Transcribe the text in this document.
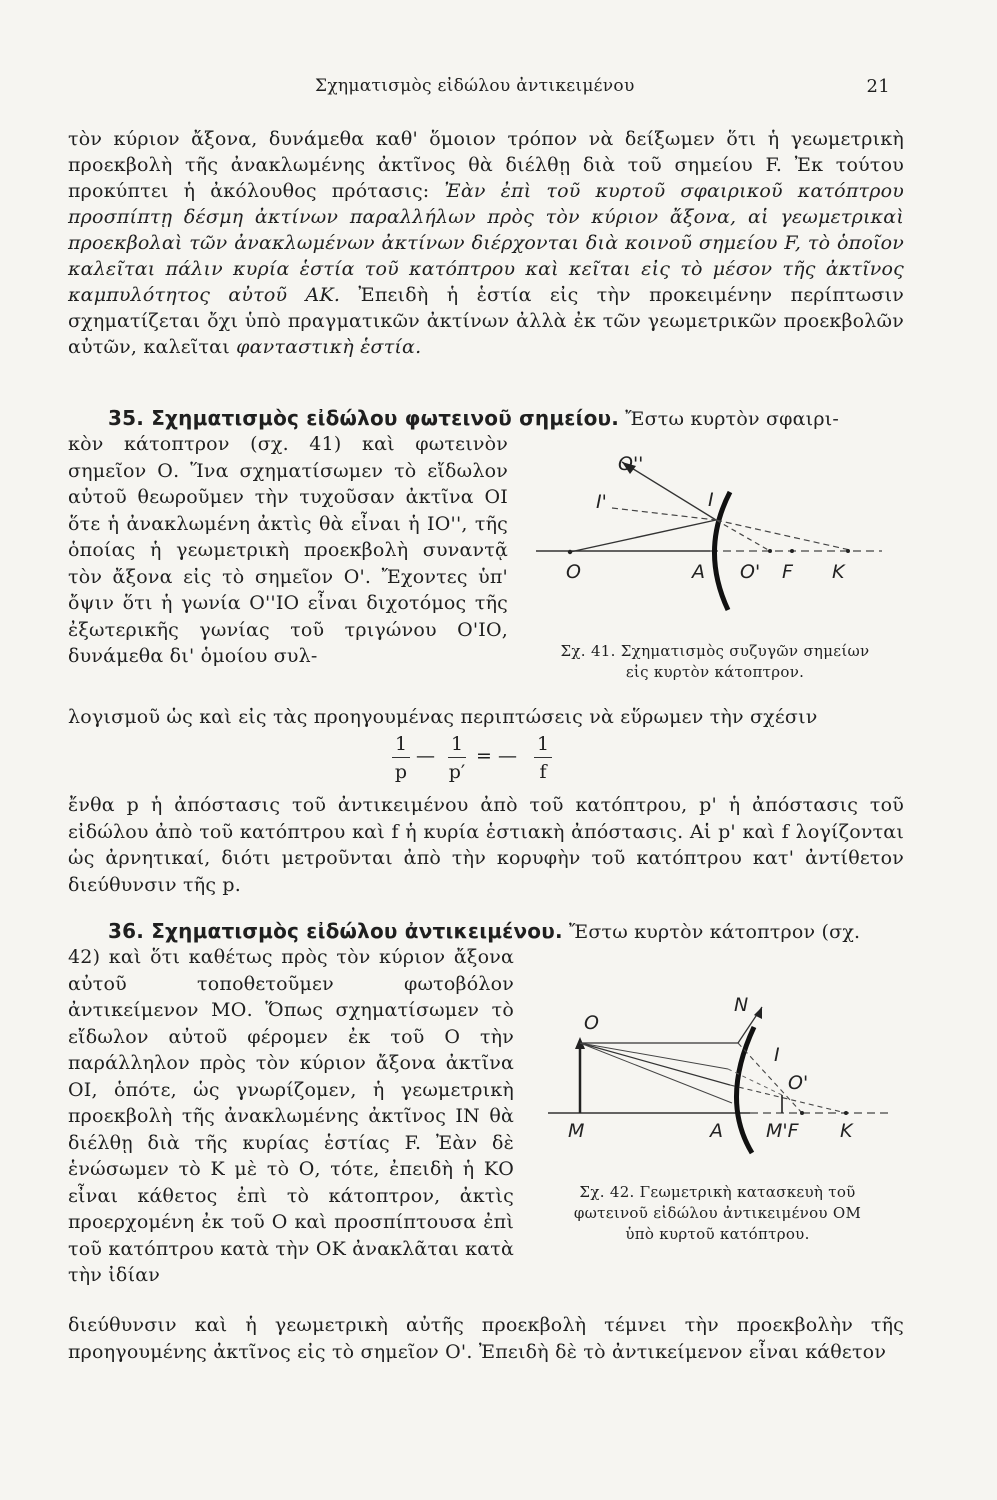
Σχηματισμὸς εἰδώλου ἀντικειμένου	21
τὸν κύριον ἄξονα, δυνάμεθα καθ' ὅμοιον τρόπον νὰ δείξωμεν ὅτι ἡ γεωμετρικὴ προεκβολὴ τῆς ἀνακλωμένης ἀκτῖνος θὰ διέλθῃ διὰ τοῦ σημείου F. Ἐκ τούτου προκύπτει ἡ ἀκόλουθος πρότασις: Ἐὰν ἐπὶ τοῦ κυρτοῦ σφαιρικοῦ κατόπτρου προσπίπτῃ δέσμη ἀκτίνων παραλλήλων πρὸς τὸν κύριον ἄξονα, αἱ γεωμετρικαὶ προεκβολαὶ τῶν ἀνακλωμένων ἀκτίνων διέρχονται διὰ κοινοῦ σημείου F, τὸ ὁποῖον καλεῖται πάλιν κυρία ἑστία τοῦ κατόπτρου καὶ κεῖται εἰς τὸ μέσον τῆς ἀκτῖνος καμπυλότητος αὐτοῦ ΑΚ. Ἐπειδὴ ἡ ἑστία εἰς τὴν προκειμένην περίπτωσιν σχηματίζεται ὄχι ὑπὸ πραγματικῶν ἀκτίνων ἀλλὰ ἐκ τῶν γεωμετρικῶν προεκβολῶν αὐτῶν, καλεῖται φανταστικὴ ἑστία.
35. Σχηματισμὸς εἰδώλου φωτεινοῦ σημείου. Ἔστω κυρτὸν σφαιρι-
κὸν κάτοπτρον (σχ. 41) καὶ φωτεινὸν σημεῖον Ο. Ἵνα σχηματίσωμεν τὸ εἴδωλον αὐτοῦ θεωροῦμεν τὴν τυχοῦσαν ἀκτῖνα ΟΙ ὅτε ἡ ἀνακλωμένη ἀκτὶς θὰ εἶναι ἡ ΙΟ'', τῆς ὁποίας ἡ γεωμετρικὴ προεκβολὴ συναντᾷ τὸν ἄξονα εἰς τὸ σημεῖον Ο'. Ἔχοντες ὑπ' ὄψιν ὅτι ἡ γωνία Ο''ΙΟ εἶναι διχοτόμος τῆς ἐξωτερικῆς γωνίας τοῦ τριγώνου Ο'ΙΟ, δυνάμεθα δι' ὁμοίου συλ-
O''
I'	I
O	A O' F K
Σχ. 41. Σχηματισμὸς συζυγῶν σημείων
εἰς κυρτὸν κάτοπτρον.
λογισμοῦ ὡς καὶ εἰς τὰς προηγουμένας περιπτώσεις νὰ εὕρωμεν τὴν σχέσιν
1
p
—
1
p′
= —
1
f
ἔνθα p ἡ ἀπόστασις τοῦ ἀντικειμένου ἀπὸ τοῦ κατόπτρου, p' ἡ ἀπόστασις τοῦ εἰδώλου ἀπὸ τοῦ κατόπτρου καὶ f ἡ κυρία ἑστιακὴ ἀπόστασις. Αἱ p' καὶ f λογίζονται ὡς ἀρνητικαί, διότι μετροῦνται ἀπὸ τὴν κορυφὴν τοῦ κατόπτρου κατ' ἀντίθετον διεύθυνσιν τῆς p.
36. Σχηματισμὸς εἰδώλου ἀντικειμένου. Ἔστω κυρτὸν κάτοπτρον (σχ.
42) καὶ ὅτι καθέτως πρὸς τὸν κύριον ἄξονα αὐτοῦ τοποθετοῦμεν φωτοβόλον ἀντικείμενον ΜΟ. Ὅπως σχηματίσωμεν τὸ εἴδωλον αὐτοῦ φέρομεν ἐκ τοῦ Ο τὴν παράλληλον πρὸς τὸν κύριον ἄξονα ἀκτῖνα ΟΙ, ὁπότε, ὡς γνωρίζομεν, ἡ γεωμετρικὴ προεκβολὴ τῆς ἀνακλωμένης ἀκτῖνος ΙΝ θὰ διέλθῃ διὰ τῆς κυρίας ἑστίας F. Ἐὰν δὲ ἑνώσωμεν τὸ Κ μὲ τὸ Ο, τότε, ἐπειδὴ ἡ ΚΟ εἶναι κάθετος ἐπὶ τὸ κάτοπτρον, ἀκτὶς προερχομένη ἐκ τοῦ Ο καὶ προσπίπτουσα ἐπὶ τοῦ κατόπτρου κατὰ τὴν ΟΚ ἀνακλᾶται κατὰ τὴν ἰδίαν
N
O
I
O'
M	A M'F K
Σχ. 42. Γεωμετρικὴ κατασκευὴ τοῦ
φωτεινοῦ εἰδώλου ἀντικειμένου ΟΜ
ὑπὸ κυρτοῦ κατόπτρου.
διεύθυνσιν καὶ ἡ γεωμετρικὴ αὐτῆς προεκβολὴ τέμνει τὴν προεκβολὴν τῆς προηγουμένης ἀκτῖνος εἰς τὸ σημεῖον Ο'. Ἐπειδὴ δὲ τὸ ἀντικείμενον εἶναι κάθετον
